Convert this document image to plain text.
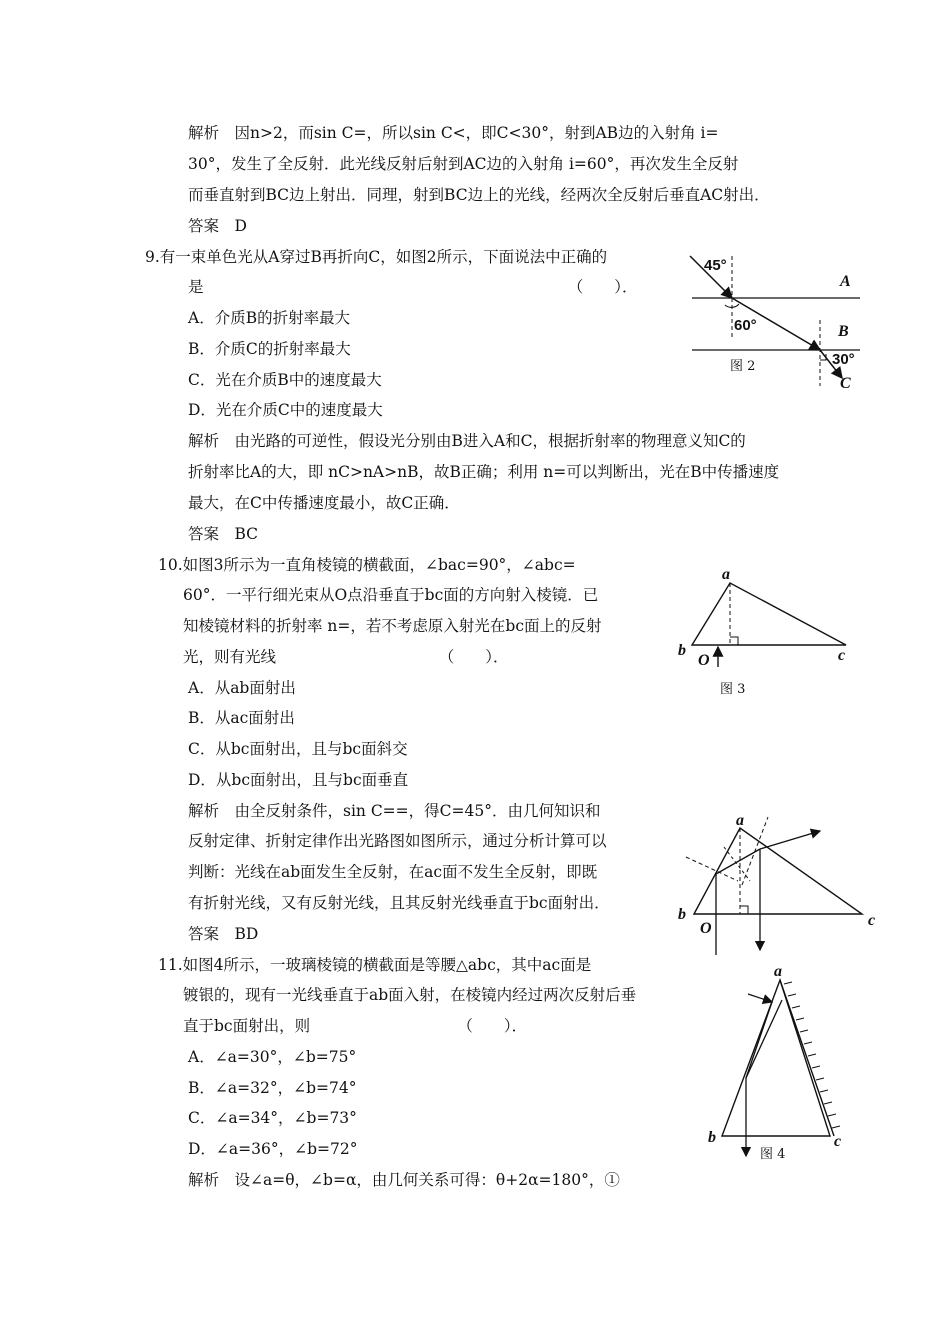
解析　因n>2，而sin C=，所以sin C<，即C<30°，射到AB边的入射角 i=
30°，发生了全反射．此光线反射后射到AC边的入射角 i=60°，再次发生全反射
而垂直射到BC边上射出．同理，射到BC边上的光线，经两次全反射后垂直AC射出．
答案　D
9.有一束单色光从A穿过B再折向C，如图2所示，下面说法中正确的
是　　　　　　　　　　　　　　　　　　　　　　　　（　　）．
A．介质B的折射率最大
B．介质C的折射率最大
C．光在介质B中的速度最大
D．光在介质C中的速度最大
解析　由光路的可逆性，假设光分别由B进入A和C，根据折射率的物理意义知C的
折射率比A的大，即 nC>nA>nB，故B正确；利用 n=可以判断出，光在B中传播速度
最大，在C中传播速度最小，故C正确．
答案　BC
10.如图3所示为一直角棱镜的横截面，∠bac=90°，∠abc=
60°．一平行细光束从O点沿垂直于bc面的方向射入棱镜．已
知棱镜材料的折射率 n=，若不考虑原入射光在bc面上的反射
光，则有光线　　　　　　　　　　　（　　）．
A．从ab面射出
B．从ac面射出
C．从bc面射出，且与bc面斜交
D．从bc面射出，且与bc面垂直
解析　由全反射条件，sin C==，得C=45°．由几何知识和
反射定律、折射定律作出光路图如图所示，通过分析计算可以
判断：光线在ab面发生全反射，在ac面不发生全反射，即既
有折射光线，又有反射光线，且其反射光线垂直于bc面射出．
答案　BD
11.如图4所示，一玻璃棱镜的横截面是等腰△abc，其中ac面是
镀银的，现有一光线垂直于ab面入射，在棱镜内经过两次反射后垂
直于bc面射出，则　　　　　　　　　　（　　）．
A．∠a=30°，∠b=75°
B．∠a=32°，∠b=74°
C．∠a=34°，∠b=73°
D．∠a=36°，∠b=72°
解析　设∠a=θ，∠b=α，由几何关系可得：θ+2α=180°，①
45°
60°
30°
A
B
C
图 2
a
b	c
O
图 3
a
b	c
O
a
b	c
图 4
